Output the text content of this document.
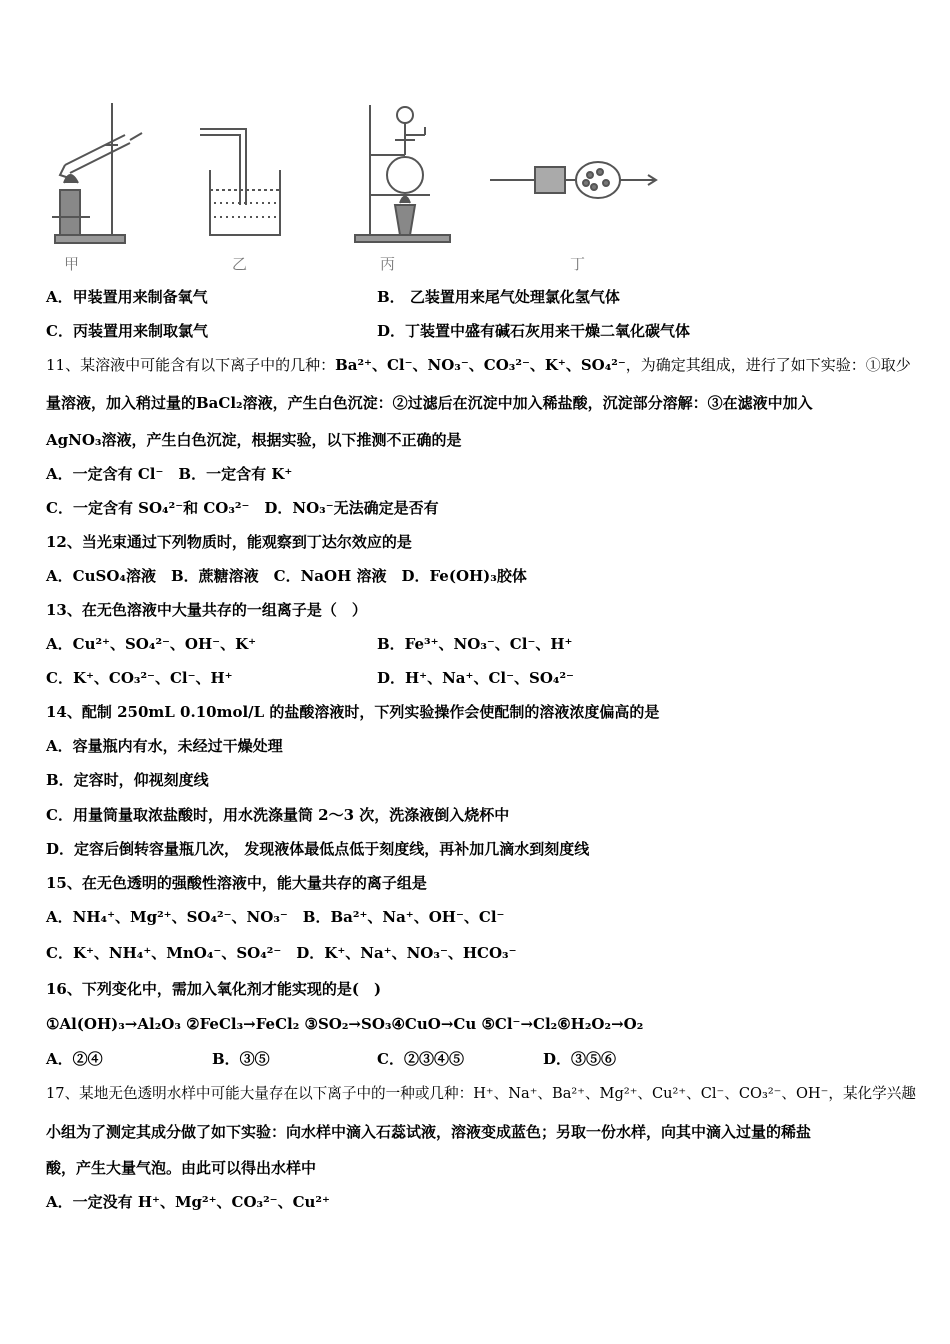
甲	乙	丙	丁
A．甲装置用来制备氧气	B． 乙装置用来尾气处理氯化氢气体
C．丙装置用来制取氯气	D．丁装置中盛有碱石灰用来干燥二氧化碳气体
11、某溶液中可能含有以下离子中的几种：Ba²⁺、Cl⁻、NO₃⁻、CO₃²⁻、K⁺、SO₄²⁻，为确定其组成，进行了如下实验：①取少
量溶液，加入稍过量的BaCl₂溶液，产生白色沉淀：②过滤后在沉淀中加入稀盐酸，沉淀部分溶解：③在滤液中加入
AgNO₃溶液，产生白色沉淀，根据实验，以下推测不正确的是
A．一定含有 Cl⁻　B．一定含有 K⁺
C．一定含有 SO₄²⁻和 CO₃²⁻　D．NO₃⁻无法确定是否有
12、当光束通过下列物质时，能观察到丁达尔效应的是
A．CuSO₄溶液　B．蔗糖溶液　C．NaOH 溶液　D．Fe(OH)₃胶体
13、在无色溶液中大量共存的一组离子是（　）
A．Cu²⁺、SO₄²⁻、OH⁻、K⁺	B．Fe³⁺、NO₃⁻、Cl⁻、H⁺
C．K⁺、CO₃²⁻、Cl⁻、H⁺	D．H⁺、Na⁺、Cl⁻、SO₄²⁻
14、配制 250mL 0.10mol/L 的盐酸溶液时，下列实验操作会使配制的溶液浓度偏高的是
A．容量瓶内有水，未经过干燥处理
B．定容时，仰视刻度线
C．用量筒量取浓盐酸时，用水洗涤量筒 2～3 次，洗涤液倒入烧杯中
D．定容后倒转容量瓶几次， 发现液体最低点低于刻度线，再补加几滴水到刻度线
15、在无色透明的强酸性溶液中，能大量共存的离子组是
A．NH₄⁺、Mg²⁺、SO₄²⁻、NO₃⁻　B．Ba²⁺、Na⁺、OH⁻、Cl⁻
C．K⁺、NH₄⁺、MnO₄⁻、SO₄²⁻　D．K⁺、Na⁺、NO₃⁻、HCO₃⁻
16、下列变化中，需加入氧化剂才能实现的是(　)
①Al(OH)₃→Al₂O₃ ②FeCl₃→FeCl₂ ③SO₂→SO₃④CuO→Cu ⑤Cl⁻→Cl₂⑥H₂O₂→O₂
A．②④	B．③⑤	C．②③④⑤	D．③⑤⑥
17、某地无色透明水样中可能大量存在以下离子中的一种或几种：H⁺、Na⁺、Ba²⁺、Mg²⁺、Cu²⁺、Cl⁻、CO₃²⁻、OH⁻，某化学兴趣
小组为了测定其成分做了如下实验：向水样中滴入石蕊试液，溶液变成蓝色；另取一份水样，向其中滴入过量的稀盐
酸，产生大量气泡。由此可以得出水样中
A．一定没有 H⁺、Mg²⁺、CO₃²⁻、Cu²⁺
